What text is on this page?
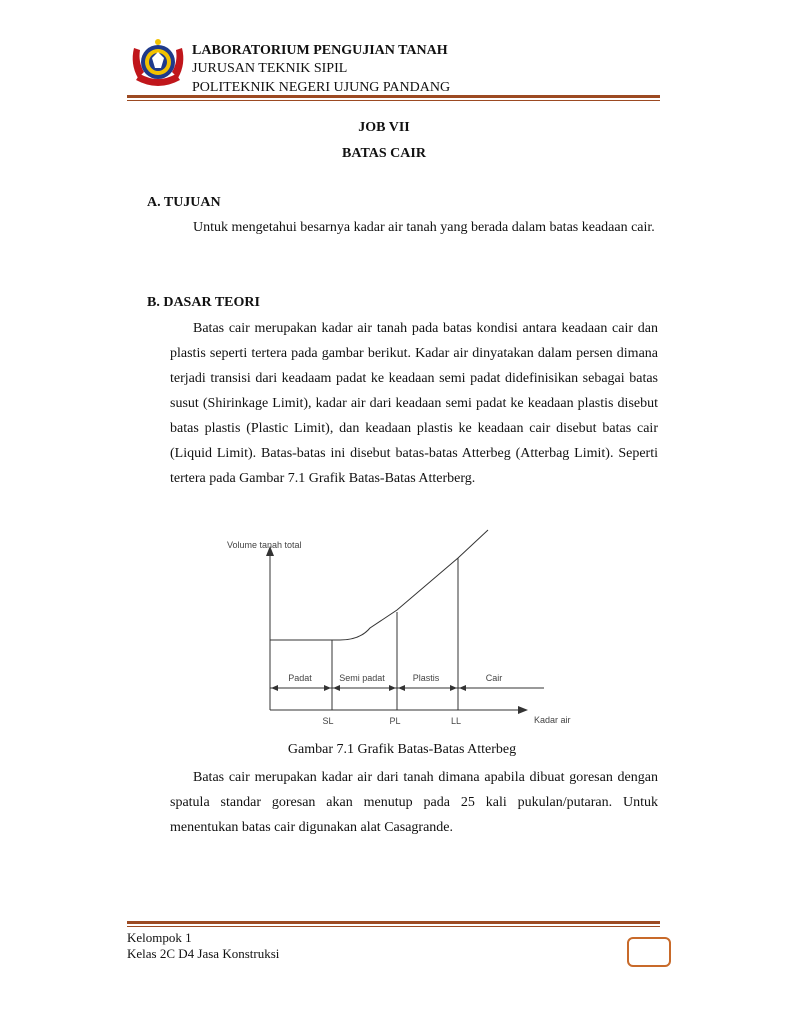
LABORATORIUM PENGUJIAN TANAH
JURUSAN TEKNIK SIPIL
POLITEKNIK NEGERI UJUNG PANDANG
JOB VII
BATAS CAIR
A. TUJUAN

Untuk mengetahui besarnya kadar air tanah yang berada dalam batas keadaan cair.

B. DASAR TEORI

Batas cair merupakan kadar air tanah pada batas kondisi antara keadaan cair dan plastis seperti tertera pada gambar berikut. Kadar air dinyatakan dalam persen dimana terjadi transisi dari keadaam padat ke keadaan semi padat didefinisikan sebagai batas susut (Shirinkage Limit), kadar air dari keadaan semi padat ke keadaan plastis disebut batas plastis (Plastic Limit), dan keadaan plastis ke keadaan cair disebut batas cair (Liquid Limit). Batas-batas ini disebut batas-batas Atterbeg (Atterbag Limit). Seperti tertera pada Gambar 7.1 Grafik Batas-Batas Atterberg.

Volume tanah total
Kadar air
Padat	Semi padat	Plastis	Cair
SL	PL	LL
Gambar 7.1 Grafik Batas-Batas Atterbeg

Batas cair merupakan kadar air dari tanah dimana apabila dibuat goresan dengan spatula standar goresan akan menutup pada 25 kali pukulan/putaran. Untuk menentukan batas cair digunakan alat Casagrande.

Kelompok 1
Kelas 2C D4 Jasa Konstruksi
